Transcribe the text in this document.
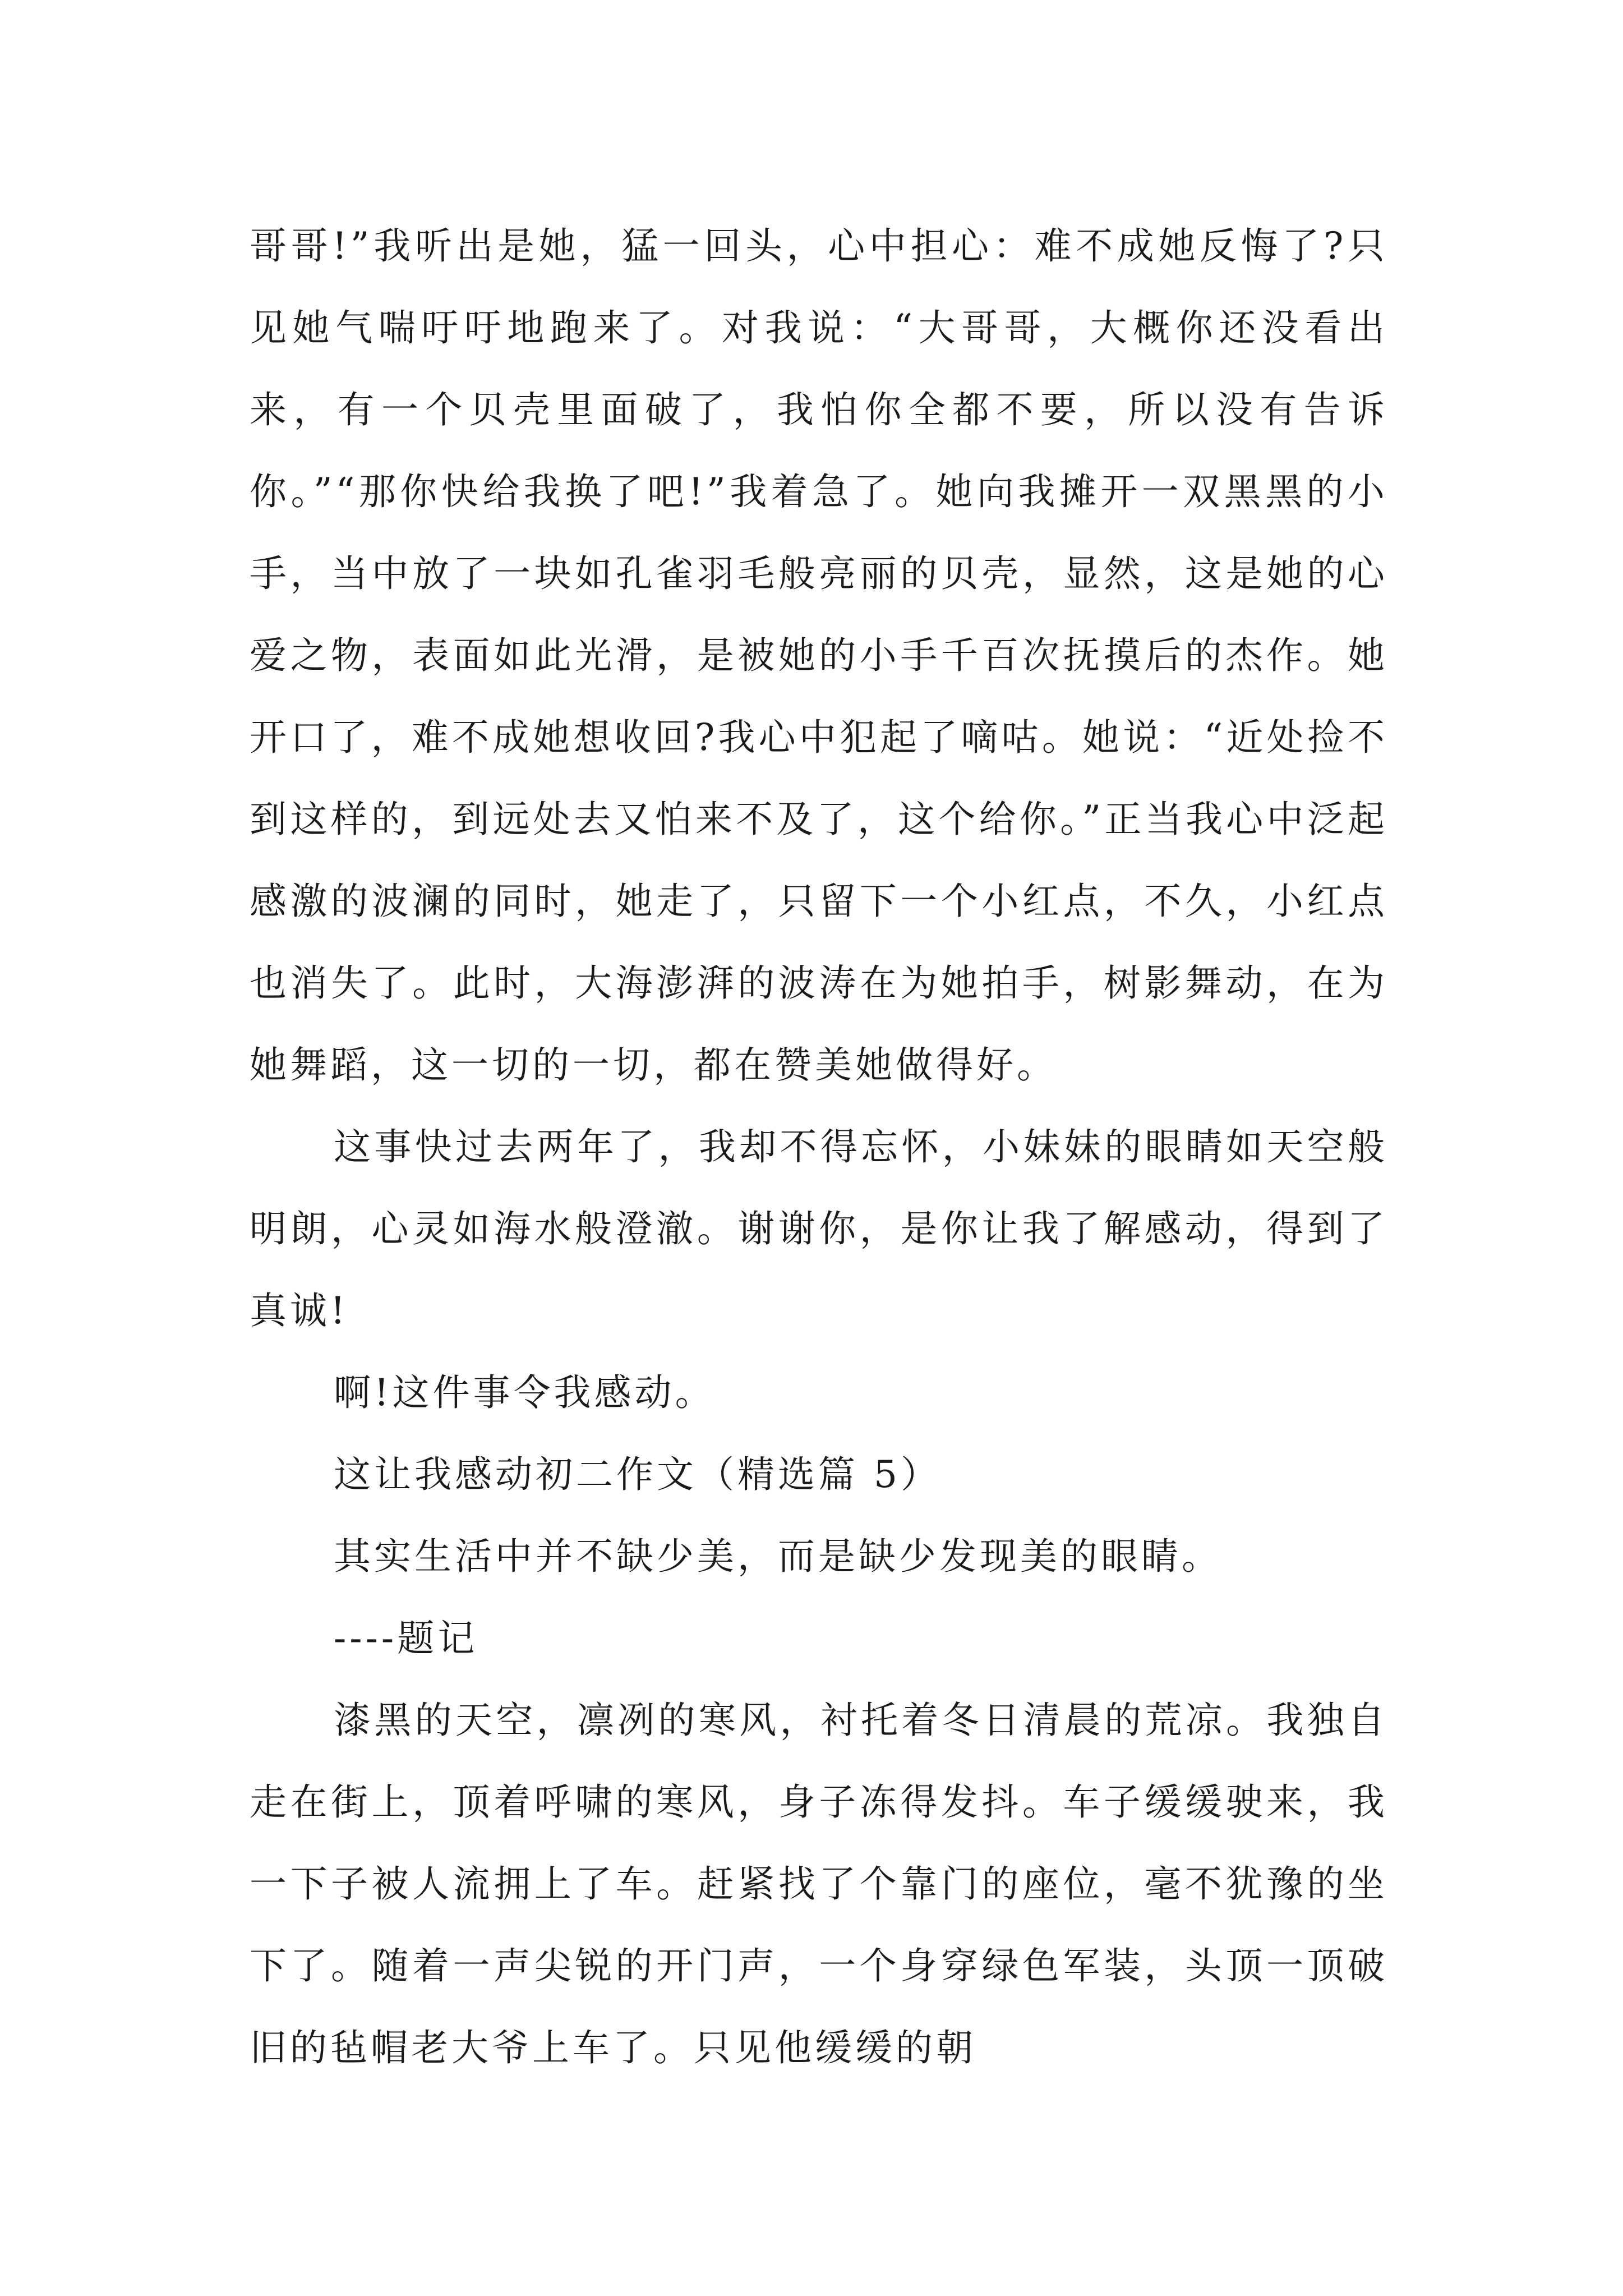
哥哥!”我听出是她，猛一回头，心中担心：难不成她反悔了?只见她气喘吁吁地跑来了。对我说：“大哥哥，大概你还没看出来，有一个贝壳里面破了，我怕你全都不要，所以没有告诉你。”“那你快给我换了吧!”我着急了。她向我摊开一双黑黑的小手，当中放了一块如孔雀羽毛般亮丽的贝壳，显然，这是她的心爱之物，表面如此光滑，是被她的小手千百次抚摸后的杰作。她开口了，难不成她想收回?我心中犯起了嘀咕。她说：“近处捡不到这样的，到远处去又怕来不及了，这个给你。”正当我心中泛起感激的波澜的同时，她走了，只留下一个小红点，不久，小红点也消失了。此时，大海澎湃的波涛在为她拍手，树影舞动，在为她舞蹈，这一切的一切，都在赞美她做得好。

这事快过去两年了，我却不得忘怀，小妹妹的眼睛如天空般明朗，心灵如海水般澄澈。谢谢你，是你让我了解感动，得到了真诚!

啊!这件事令我感动。

这让我感动初二作文（精选篇 5）

其实生活中并不缺少美，而是缺少发现美的眼睛。

----题记

漆黑的天空，凛冽的寒风，衬托着冬日清晨的荒凉。我独自走在街上，顶着呼啸的寒风，身子冻得发抖。车子缓缓驶来，我一下子被人流拥上了车。赶紧找了个靠门的座位，毫不犹豫的坐下了。随着一声尖锐的开门声，一个身穿绿色军装，头顶一顶破旧的毡帽老大爷上车了。只见他缓缓的朝
